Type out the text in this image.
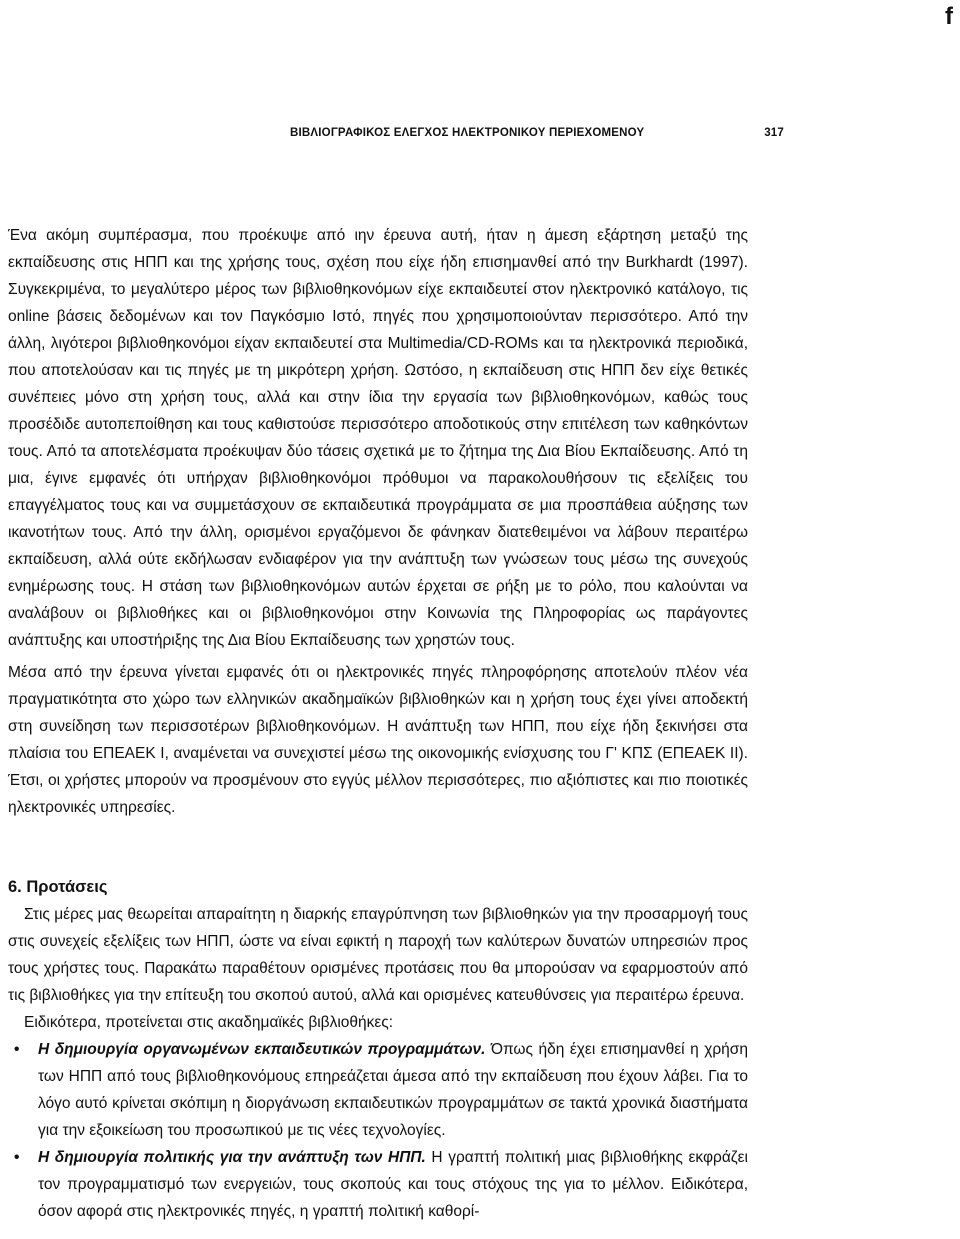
f
ΒΙΒΛΙΟΓΡΑΦΙΚΟΣ ΕΛΕΓΧΟΣ ΗΛΕΚΤΡΟΝΙΚΟΥ ΠΕΡΙΕΧΟΜΕΝΟΥ	317

Ένα ακόμη συμπέρασμα, που προέκυψε από ιην έρευνα αυτή, ήταν η άμεση εξάρτηση μεταξύ της εκπαίδευσης στις ΗΠΠ και της χρήσης τους, σχέση που είχε ήδη επισημανθεί από την Burkhardt (1997). Συγκεκριμένα, το μεγαλύτερο μέρος των βιβλιοθηκονόμων είχε εκπαιδευτεί στον ηλεκτρονικό κατάλογο, τις online βάσεις δεδομένων και τον Παγκόσμιο Ιστό, πηγές που χρησιμοποιούνταν περισσότερο. Από την άλλη, λιγότεροι βιβλιοθηκονόμοι είχαν εκπαιδευτεί στα Multimedia/CD-ROMs και τα ηλεκτρονικά περιοδικά, που αποτελούσαν και τις πηγές με τη μικρότερη χρήση. Ωστόσο, η εκπαίδευση στις ΗΠΠ δεν είχε θετικές συνέπειες μόνο στη χρήση τους, αλλά και στην ίδια την εργασία των βιβλιοθηκονόμων, καθώς τους προσέδιδε αυτοπεποίθηση και τους καθιστούσε περισσότερο αποδοτικούς στην επιτέλεση των καθηκόντων τους. Από τα αποτελέσματα προέκυψαν δύο τάσεις σχετικά με το ζήτημα της Δια Βίου Εκπαίδευσης. Από τη μια, έγινε εμφανές ότι υπήρχαν βιβλιοθηκονόμοι πρόθυμοι να παρακολουθήσουν τις εξελίξεις του επαγγέλματος τους και να συμμετάσχουν σε εκπαιδευτικά προγράμματα σε μια προσπάθεια αύξησης των ικανοτήτων τους. Από την άλλη, ορισμένοι εργαζόμενοι δε φάνηκαν διατεθειμένοι να λάβουν περαιτέρω εκπαίδευση, αλλά ούτε εκδήλωσαν ενδιαφέρον για την ανάπτυξη των γνώσεων τους μέσω της συνεχούς ενημέρωσης τους. Η στάση των βιβλιοθηκονόμων αυτών έρχεται σε ρήξη με το ρόλο, που καλούνται να αναλάβουν οι βιβλιοθήκες και οι βιβλιοθηκονόμοι στην Κοινωνία της Πληροφορίας ως παράγοντες ανάπτυξης και υποστήριξης της Δια Βίου Εκπαίδευσης των χρηστών τους.

Μέσα από την έρευνα γίνεται εμφανές ότι οι ηλεκτρονικές πηγές πληροφόρησης αποτελούν πλέον νέα πραγματικότητα στο χώρο των ελληνικών ακαδημαϊκών βιβλιοθηκών και η χρήση τους έχει γίνει αποδεκτή στη συνείδηση των περισσοτέρων βιβλιοθηκονόμων. Η ανάπτυξη των ΗΠΠ, που είχε ήδη ξεκινήσει στα πλαίσια του ΕΠΕΑΕΚ Ι, αναμένεται να συνεχιστεί μέσω της οικονομικής ενίσχυσης του Γ' ΚΠΣ (ΕΠΕΑΕΚ ΙΙ). Έτσι, οι χρήστες μπορούν να προσμένουν στο εγγύς μέλλον περισσότερες, πιο αξιόπιστες και πιο ποιοτικές ηλεκτρονικές υπηρεσίες.

6. Προτάσεις

Στις μέρες μας θεωρείται απαραίτητη η διαρκής επαγρύπνηση των βιβλιοθηκών για την προσαρμογή τους στις συνεχείς εξελίξεις των ΗΠΠ, ώστε να είναι εφικτή η παροχή των καλύτερων δυνατών υπηρεσιών προς τους χρήστες τους. Παρακάτω παραθέτουν ορισμένες προτάσεις που θα μπορούσαν να εφαρμοστούν από τις βιβλιοθήκες για την επίτευξη του σκοπού αυτού, αλλά και ορισμένες κατευθύνσεις για περαιτέρω έρευνα.

Ειδικότερα, προτείνεται στις ακαδημαϊκές βιβλιοθήκες:

• Η δημιουργία οργανωμένων εκπαιδευτικών προγραμμάτων. Όπως ήδη έχει επισημανθεί η χρήση των ΗΠΠ από τους βιβλιοθηκονόμους επηρεάζεται άμεσα από την εκπαίδευση που έχουν λάβει. Για το λόγο αυτό κρίνεται σκόπιμη η διοργάνωση εκπαιδευτικών προγραμμάτων σε τακτά χρονικά διαστήματα για την εξοικείωση του προσωπικού με τις νέες τεχνολογίες.
• Η δημιουργία πολιτικής για την ανάπτυξη των ΗΠΠ. Η γραπτή πολιτική μιας βιβλιοθήκης εκφράζει τον προγραμματισμό των ενεργειών, τους σκοπούς και τους στόχους της για το μέλλον. Ειδικότερα, όσον αφορά στις ηλεκτρονικές πηγές, η γραπτή πολιτική καθορί-
